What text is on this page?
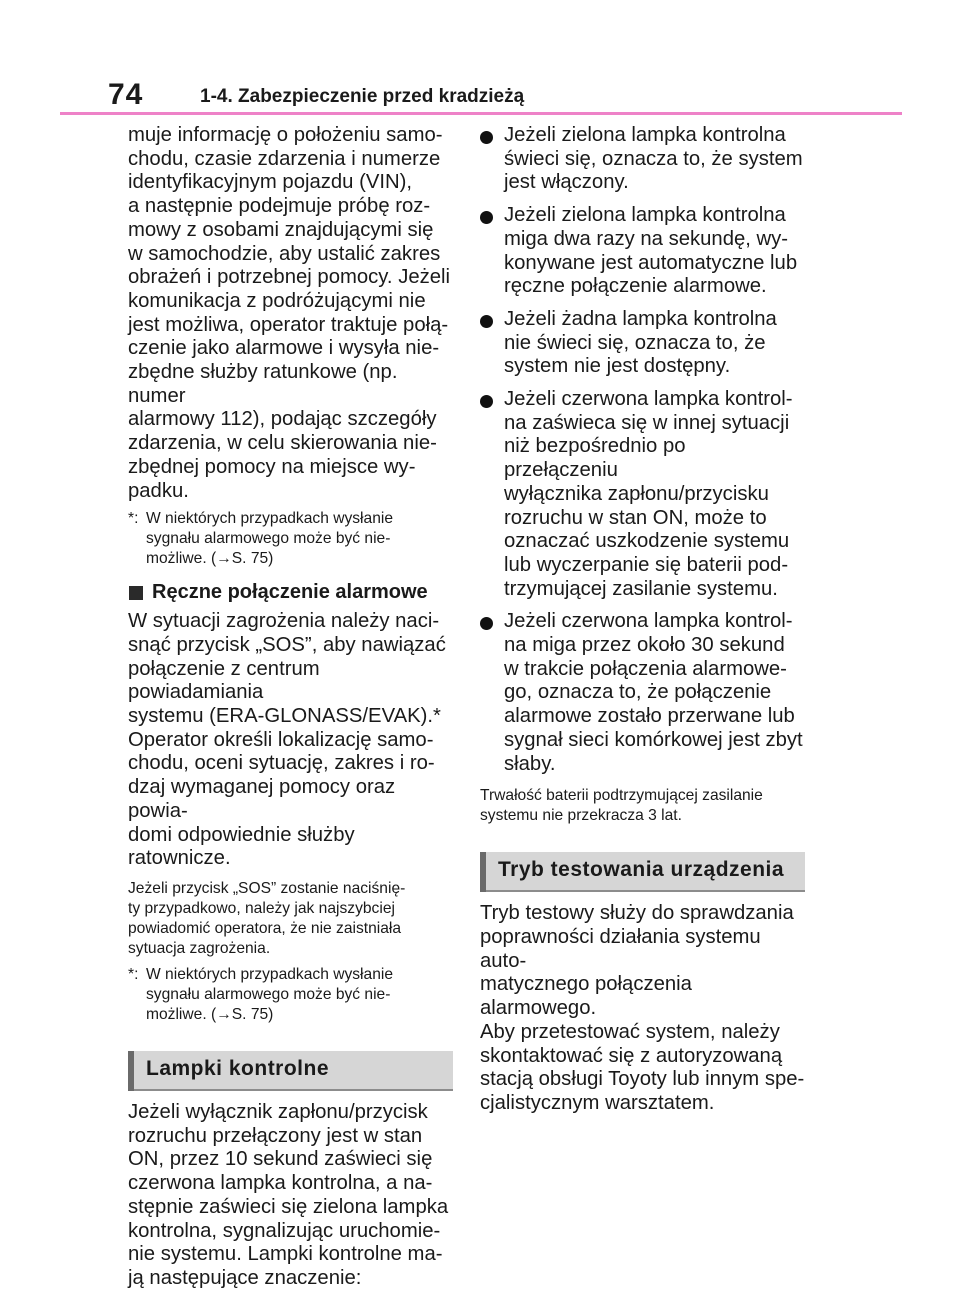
74	1-4. Zabezpieczenie przed kradzieżą

muje informację o położeniu samo-
chodu, czasie zdarzenia i numerze
identyfikacyjnym pojazdu (VIN),
a następnie podejmuje próbę roz-
mowy z osobami znajdującymi się
w samochodzie, aby ustalić zakres
obrażeń i potrzebnej pomocy. Jeżeli
komunikacja z podróżującymi nie
jest możliwa, operator traktuje połą-
czenie jako alarmowe i wysyła nie-
zbędne służby ratunkowe (np. numer
alarmowy 112), podając szczegóły
zdarzenia, w celu skierowania nie-
zbędnej pomocy na miejsce wy-
padku.

*: W niektórych przypadkach wysłanie
sygnału alarmowego może być nie-
możliwe. (→S. 75)
Ręczne połączenie alarmowe

W sytuacji zagrożenia należy naci-
snąć przycisk „SOS”, aby nawiązać
połączenie z centrum powiadamiania
systemu (ERA-GLONASS/EVAK).*
Operator określi lokalizację samo-
chodu, oceni sytuację, zakres i ro-
dzaj wymaganej pomocy oraz powia-
domi odpowiednie służby ratownicze.

Jeżeli przycisk „SOS” zostanie naciśnię-
ty przypadkowo, należy jak najszybciej
powiadomić operatora, że nie zaistniała
sytuacja zagrożenia.

*: W niektórych przypadkach wysłanie
sygnału alarmowego może być nie-
możliwe. (→S. 75)
Lampki kontrolne

Jeżeli wyłącznik zapłonu/przycisk
rozruchu przełączony jest w stan
ON, przez 10 sekund zaświeci się
czerwona lampka kontrolna, a na-
stępnie zaświeci się zielona lampka
kontrolna, sygnalizując uruchomie-
nie systemu. Lampki kontrolne ma-
ją następujące znaczenie:

Jeżeli zielona lampka kontrolna
świeci się, oznacza to, że system
jest włączony.

Jeżeli zielona lampka kontrolna
miga dwa razy na sekundę, wy-
konywane jest automatyczne lub
ręczne połączenie alarmowe.

Jeżeli żadna lampka kontrolna
nie świeci się, oznacza to, że
system nie jest dostępny.

Jeżeli czerwona lampka kontrol-
na zaświeca się w innej sytuacji
niż bezpośrednio po przełączeniu
wyłącznika zapłonu/przycisku
rozruchu w stan ON, może to
oznaczać uszkodzenie systemu
lub wyczerpanie się baterii pod-
trzymującej zasilanie systemu.

Jeżeli czerwona lampka kontrol-
na miga przez około 30 sekund
w trakcie połączenia alarmowe-
go, oznacza to, że połączenie
alarmowe zostało przerwane lub
sygnał sieci komórkowej jest zbyt
słaby.

Trwałość baterii podtrzymującej zasilanie
systemu nie przekracza 3 lat.

Tryb testowania urządzenia

Tryb testowy służy do sprawdzania
poprawności działania systemu auto-
matycznego połączenia alarmowego.
Aby przetestować system, należy
skontaktować się z autoryzowaną
stacją obsługi Toyoty lub innym spe-
cjalistycznym warsztatem.
